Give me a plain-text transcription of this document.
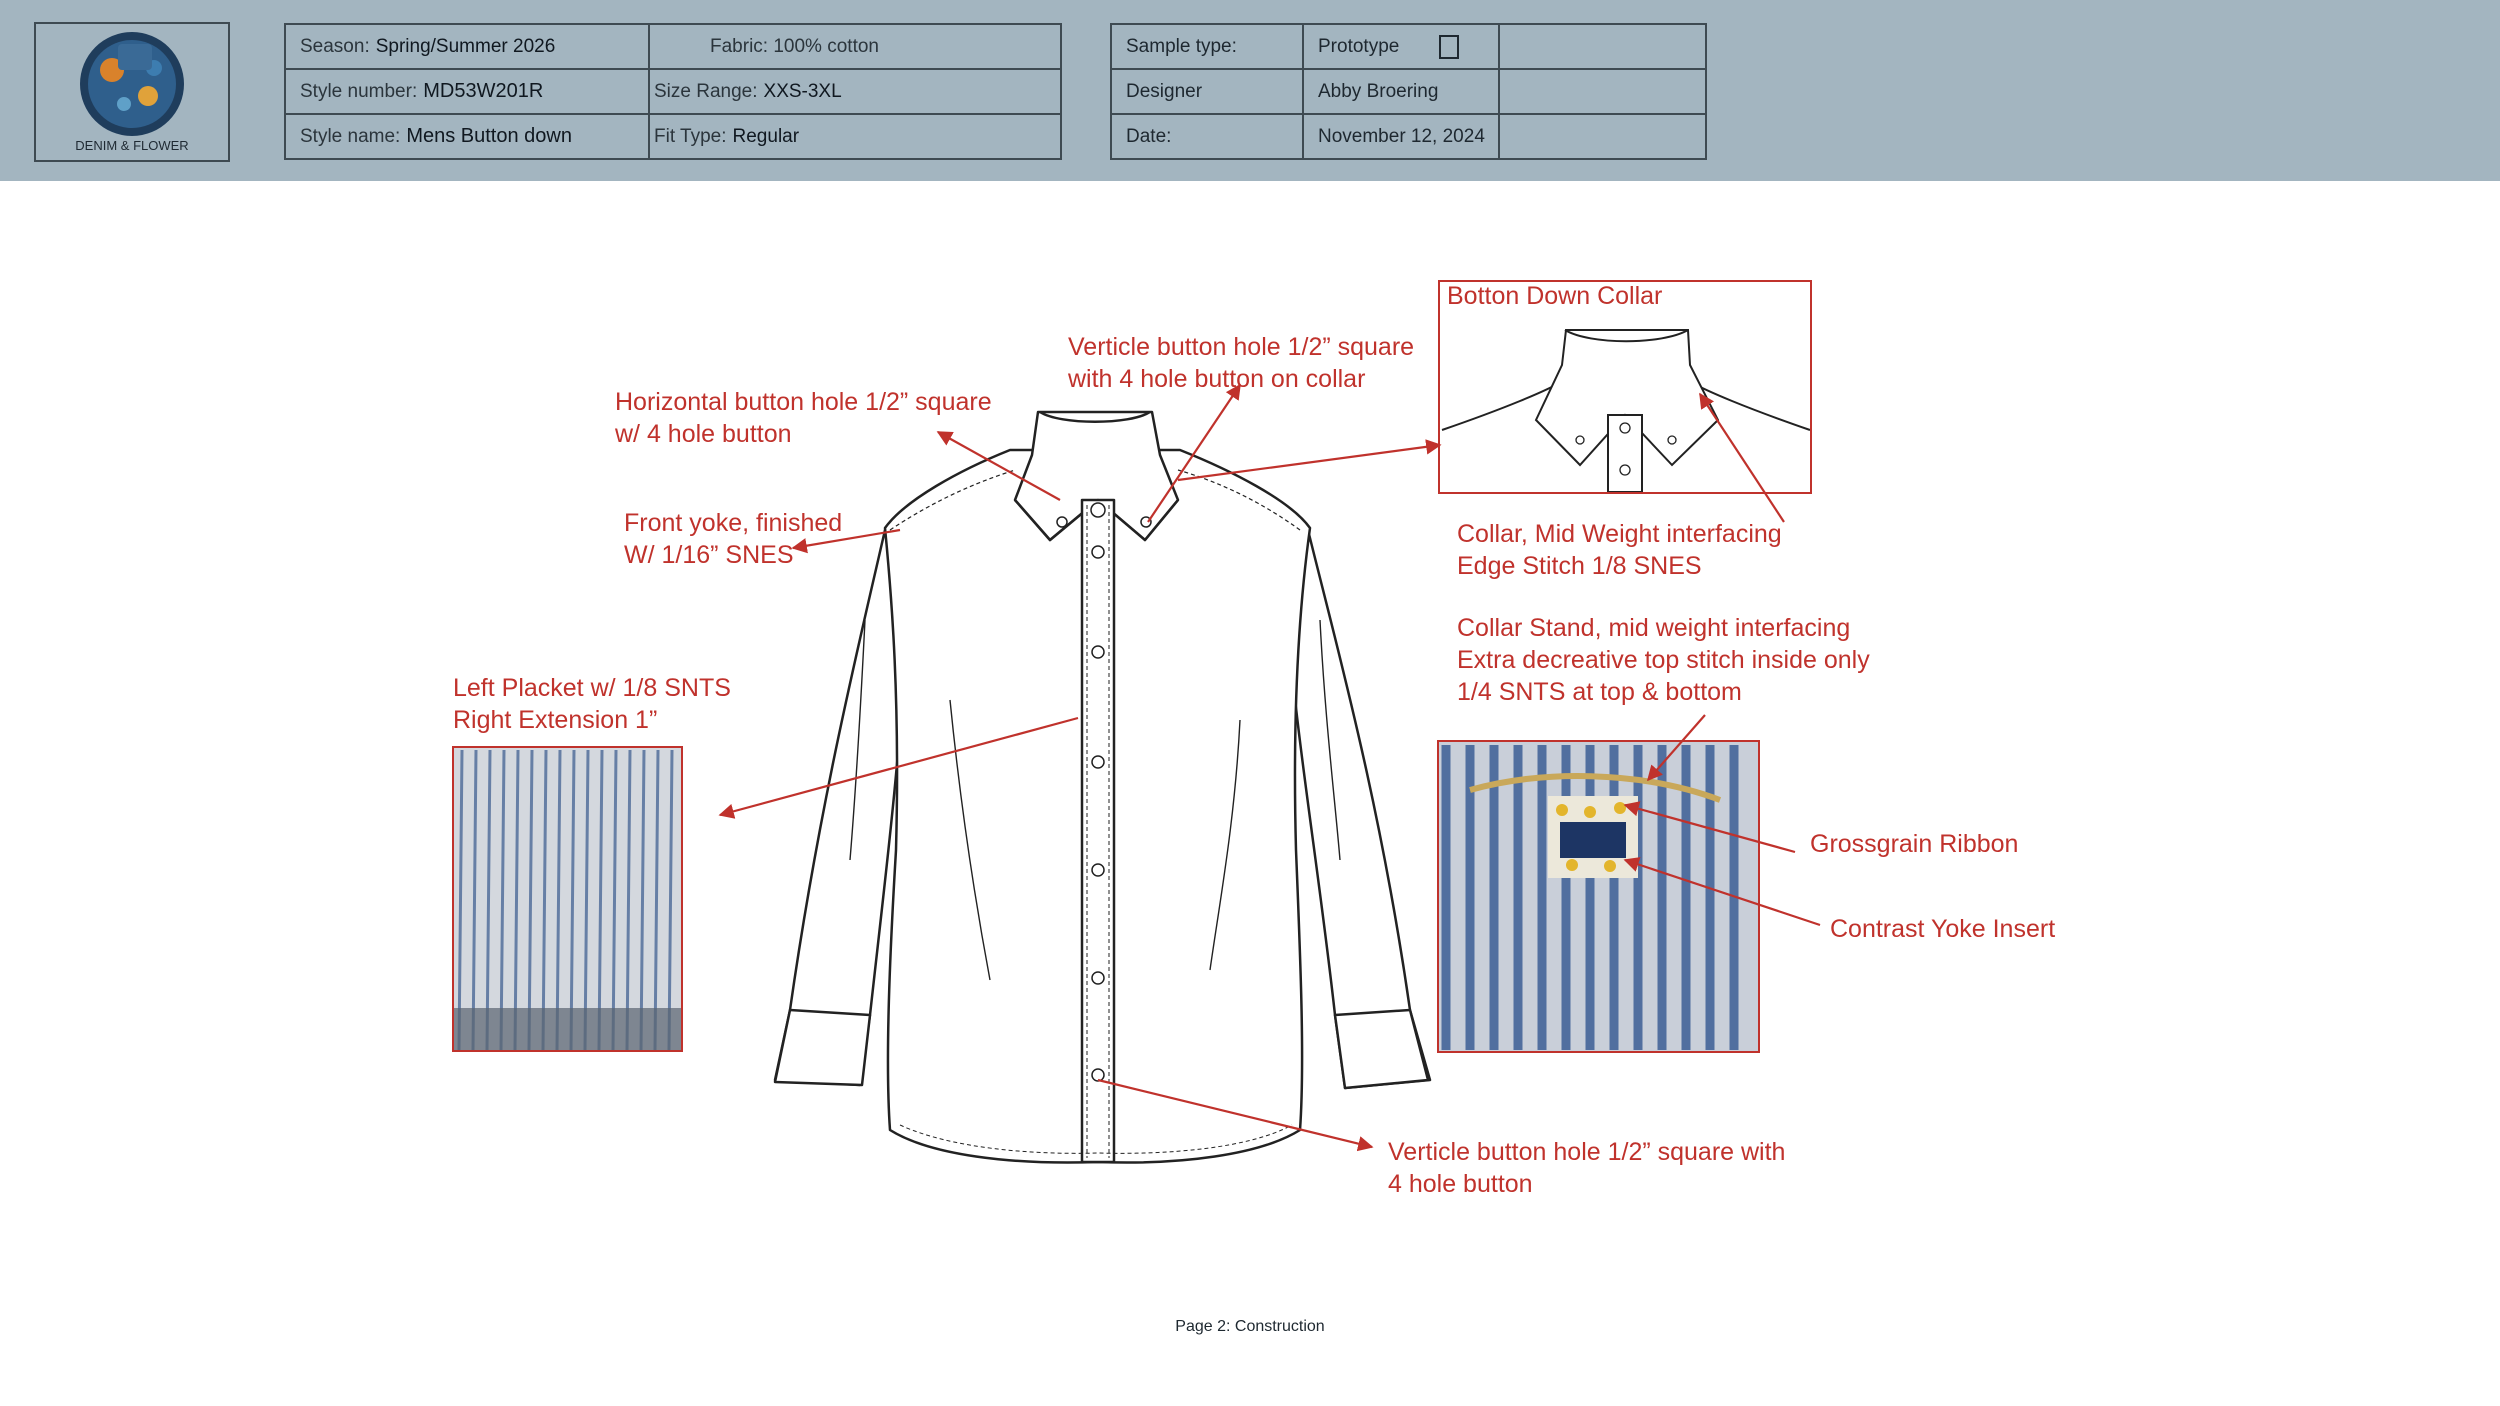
DENIM & FLOWER
Season: Spring/Summer 2026	Fabric: 100% cotton
Style number: MD53W201R	Size Range: XXS-3XL
Style name: Mens Button down	Fit Type: Regular
Sample type:	Prototype	
Designer	Abby Broering	
Date:	November 12, 2024	
Botton Down Collar
Horizontal button hole 1/2” square
w/ 4 hole button
Verticle button hole 1/2” square
with 4 hole button on collar
Front yoke, finished
W/ 1/16” SNES
Left Placket w/ 1/8 SNTS
Right Extension 1”
Collar, Mid Weight interfacing
Edge Stitch 1/8 SNES
Collar Stand, mid weight interfacing
Extra decreative top stitch inside only
1/4 SNTS at top & bottom
Grossgrain Ribbon
Contrast Yoke Insert
Verticle button hole 1/2” square with
4 hole button
Page 2: Construction
